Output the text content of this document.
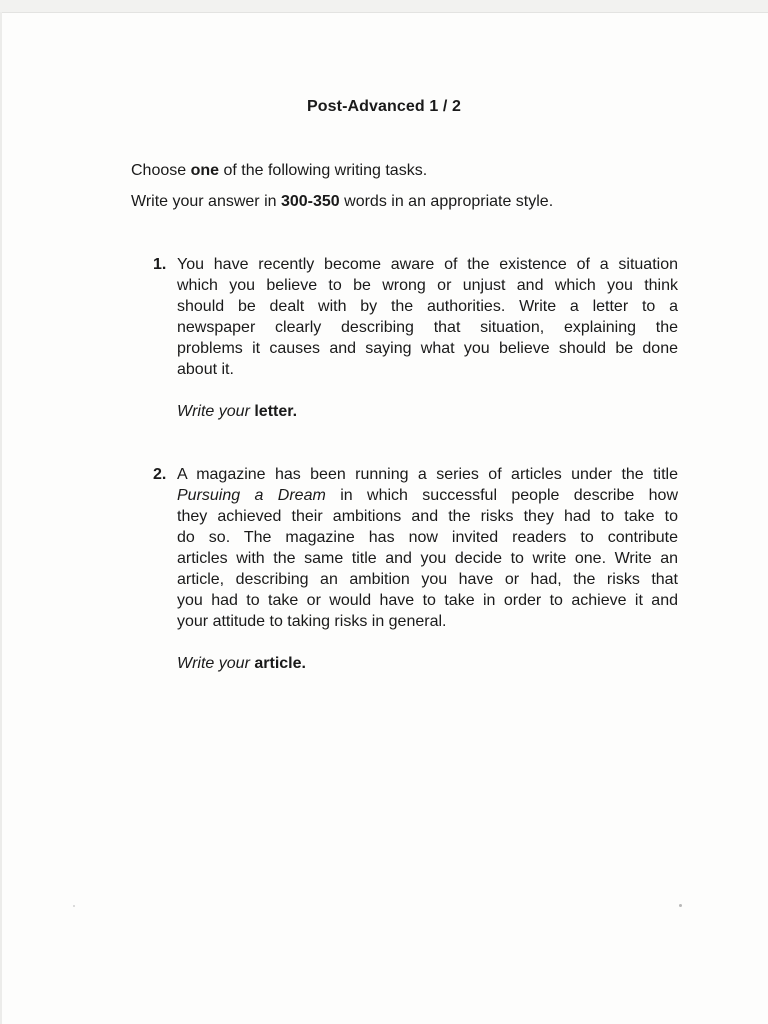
Post-Advanced 1 / 2
Choose one of the following writing tasks.
Write your answer in 300-350 words in an appropriate style.
1. You have recently become aware of the existence of a situation
which you believe to be wrong or unjust and which you think
should be dealt with by the authorities. Write a letter to a
newspaper clearly describing that situation, explaining the
problems it causes and saying what you believe should be done
about it.
Write your letter.
2. A magazine has been running a series of articles under the title
Pursuing a Dream in which successful people describe how
they achieved their ambitions and the risks they had to take to
do so. The magazine has now invited readers to contribute
articles with the same title and you decide to write one. Write an
article, describing an ambition you have or had, the risks that
you had to take or would have to take in order to achieve it and
your attitude to taking risks in general.
Write your article.
